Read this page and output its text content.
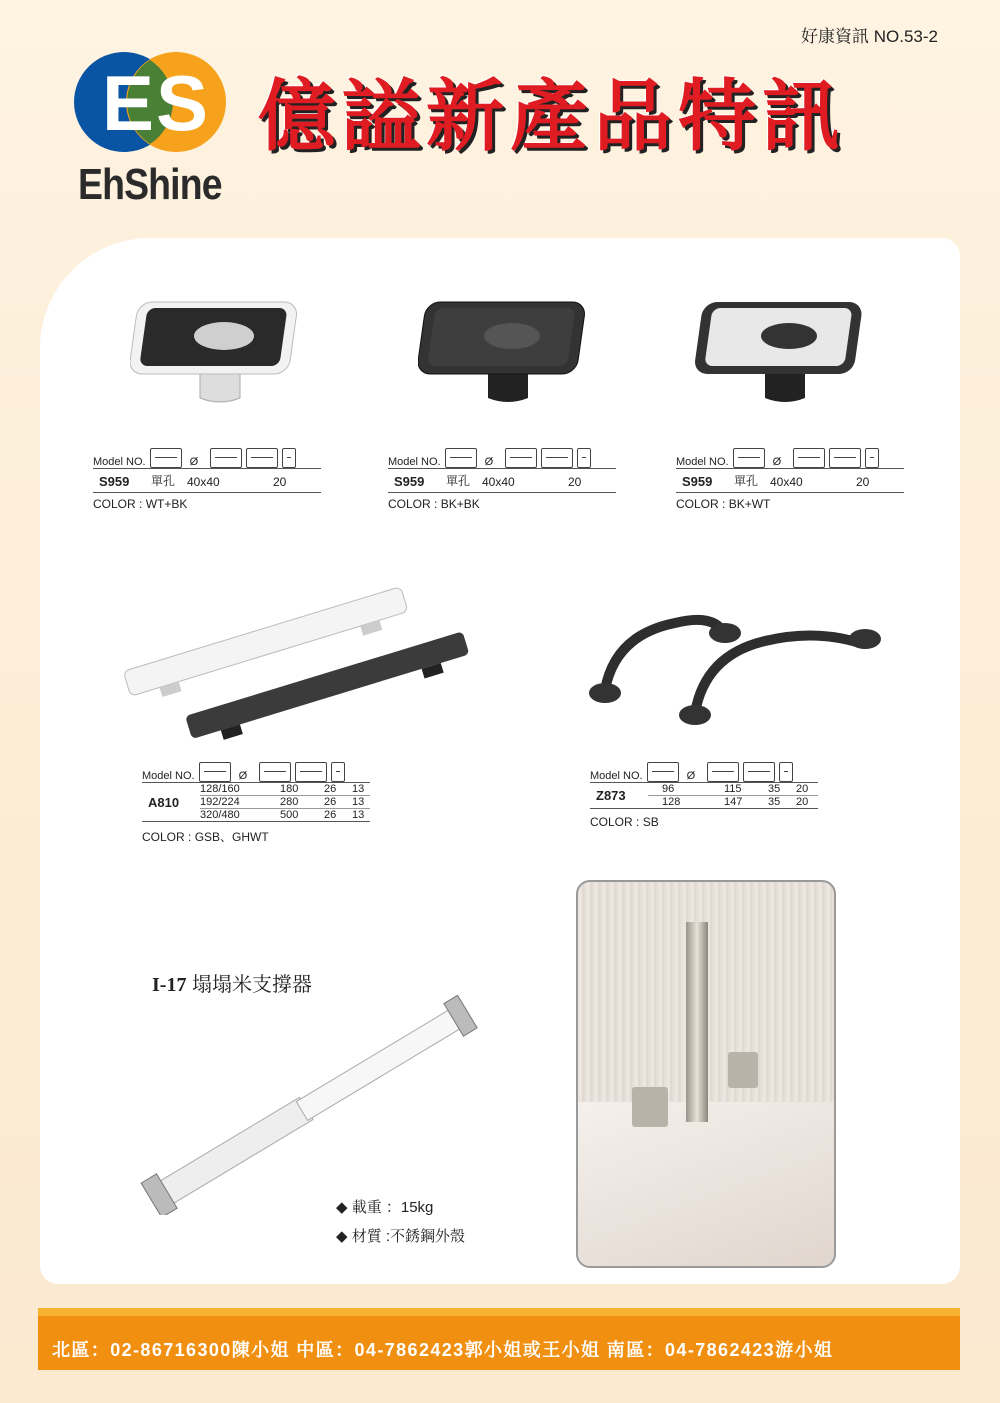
好康資訊 NO.53-2
E S
EhShine
億謚新產品特訊
Model NO.	Ø
S959	單孔 40x40	20
COLOR : WT+BK
Model NO.	Ø
S959	單孔 40x40	20
COLOR : BK+BK
Model NO.	Ø
S959	單孔 40x40	20
COLOR : BK+WT
Model NO.	Ø
A810
128/160	180	26	13
192/224	280	26	13
320/480	500	26	13
COLOR : GSB、GHWT
Model NO.	Ø
Z873	96	115	35	20
128	147	35	20
COLOR : SB
I-17 塌塌米支撐器
◆ 載重 ：15kg
◆ 材質 :不銹鋼外殼
北區：02-86716300陳小姐 中區：04-7862423郭小姐或王小姐 南區：04-7862423游小姐
